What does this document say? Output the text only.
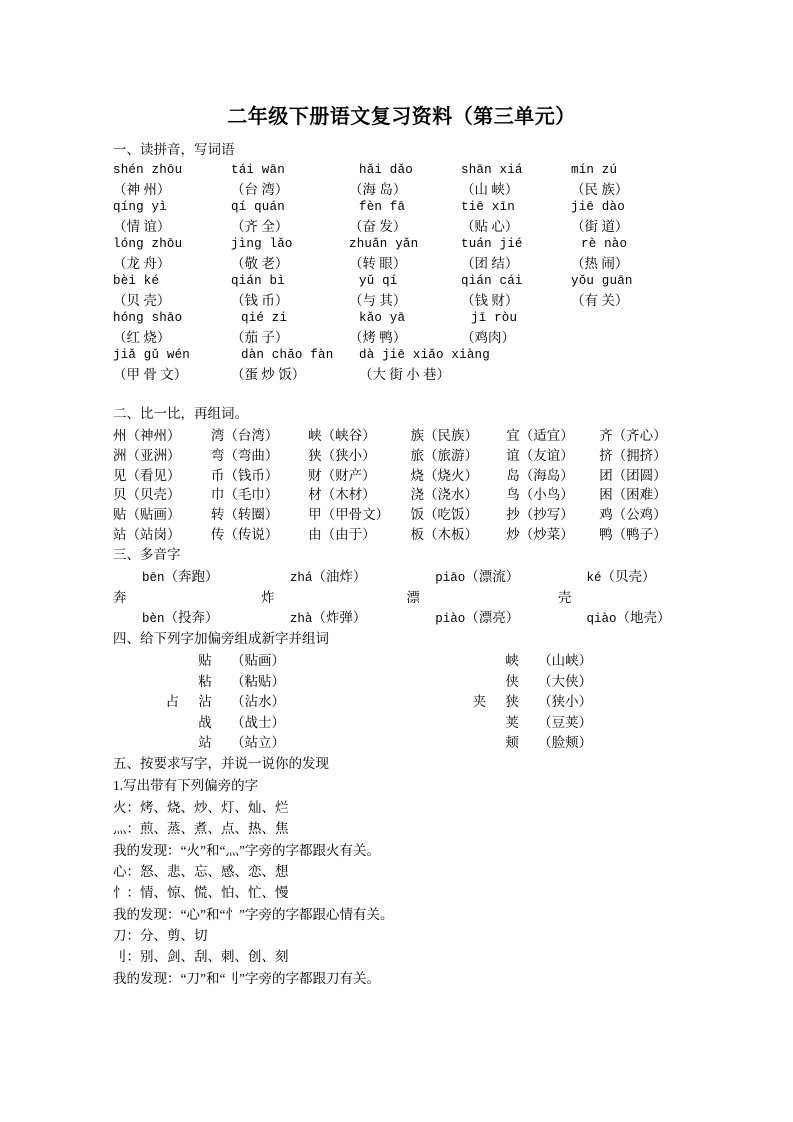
二年级下册语文复习资料（第三单元）
一、读拼音，写词语
shén zhōu	tái wān	hǎi dǎo	shān xiá	mín zú
（神 州）	（台 湾）	（海 岛）	（山 峡）	（民 族）
qíng yì	qí quán	fèn fā	tiē xīn	jiē dào
（情 谊）	（齐 全）	（奋 发）	（贴 心）	（街 道）
lóng zhōu	jìng lǎo	zhuǎn yǎn	tuán jié	rè nào
（龙 舟）	（敬 老）	（转 眼）	（团 结）	（热 闹）
bèi ké	qián bì	yǔ qí	qián cái	yǒu guān
（贝 壳）	（钱 币）	（与 其）	（钱 财）	（有 关）
hóng shāo	qié zi	kǎo yā	jī ròu
（红 烧）	（茄 子）	（烤 鸭）	（鸡肉）
jiǎ gǔ wén	dàn chǎo fàn	dà jiē xiǎo xiàng
（甲 骨 文）	（蛋 炒 饭）	（大 街 小 巷）
二、比一比，再组词。
州（神州）	湾（台湾）	峡（峡谷）	族（民族）	宜（适宜）	齐（齐心）
洲（亚洲）	弯（弯曲）	狭（狭小）	旅（旅游）	谊（友谊）	挤（拥挤）
见（看见）	币（钱币）	财（财产）	烧（烧火）	岛（海岛）	团（团圆）
贝（贝壳）	巾（毛巾）	材（木材）	浇（浇水）	鸟（小鸟）	困（困难）
贴（贴画）	转（转圈）	甲（甲骨文）	饭（吃饭）	抄（抄写）	鸡（公鸡）
站（站岗）	传（传说）	由（由于）	板（木板）	炒（炒菜）	鸭（鸭子）
三、多音字
bēn（奔跑）	zhá（油炸）	piāo（漂流）	ké（贝壳）
奔	炸	漂	壳
bèn（投奔）	zhà（炸弹）	piào（漂亮）	qiào（地壳）
四、给下列字加偏旁组成新字并组词
贴	（贴画）	峡	（山峡）
粘	（粘贴）	侠	（大侠）
占	沾	（沾水）	夹	狭	（狭小）
战	（战士）	荚	（豆荚）
站	（站立）	颊	（脸颊）
五、按要求写字，并说一说你的发现
1.写出带有下列偏旁的字
火：烤、烧、炒、灯、灿、烂
灬：煎、蒸、煮、点、热、焦
我的发现：“火”和“灬”字旁的字都跟火有关。
心：怒、悲、忘、感、恋、想
忄：情、惊、慌、怕、忙、慢
我的发现：“心”和“忄”字旁的字都跟心情有关。
刀：分、剪、切
刂：别、剑、刮、刺、创、刻
我的发现：“刀”和“刂”字旁的字都跟刀有关。
